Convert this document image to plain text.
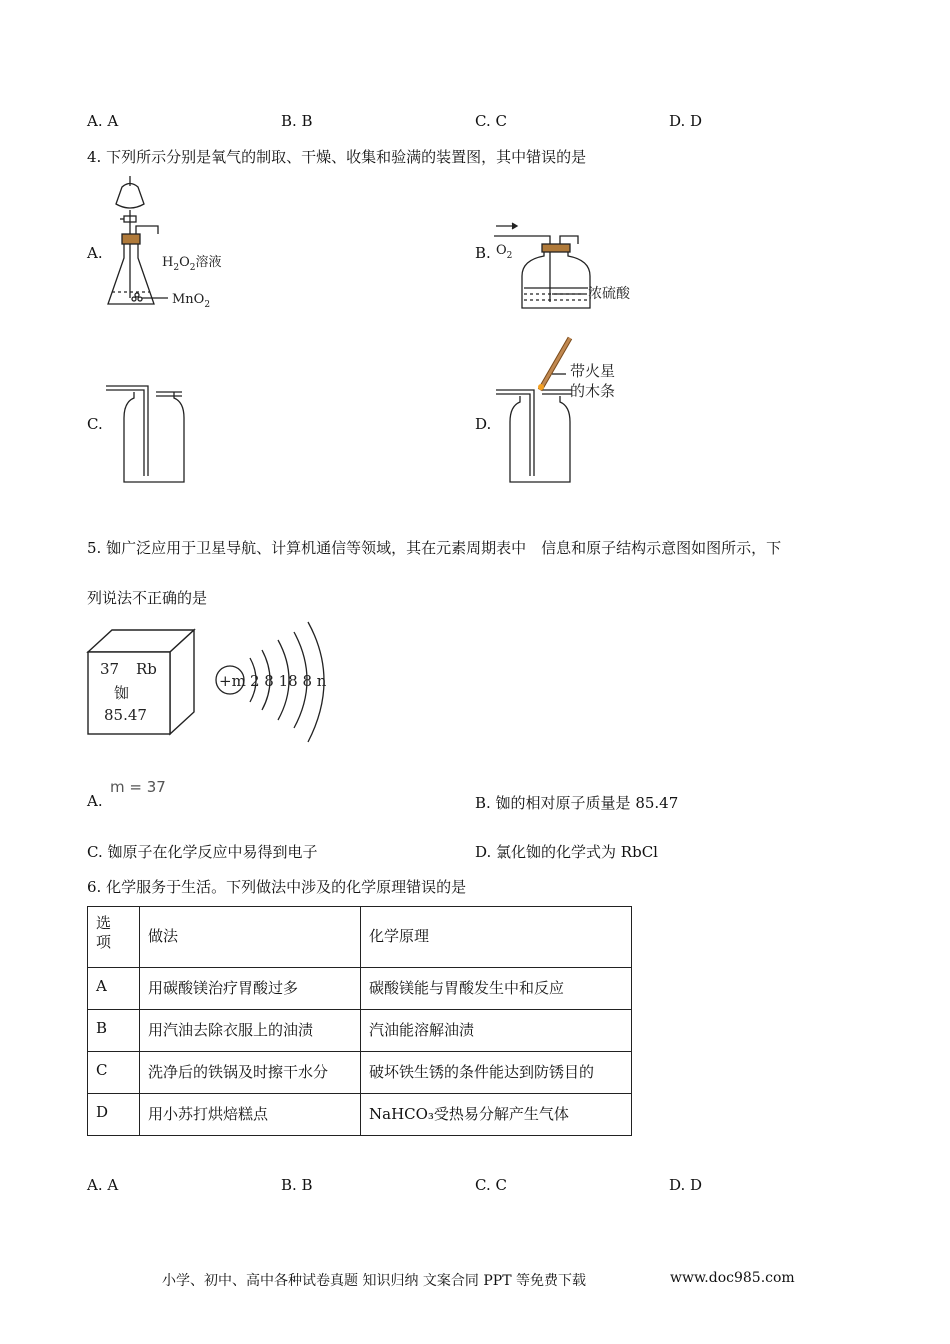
A. A	B. B	C. C	D. D
4. 下列所示分别是氧气的制取、干燥、收集和验满的装置图，其中错误的是
A.	B.
C.	D.
$H_2O_2$溶液
MnO$_2$
$O_2$
浓硫酸
带火星
的木条
5. 铷广泛应用于卫星导航、计算机通信等领域，其在元素周期表中　信息和原子结构示意图如图所示，下
列说法不正确的是
37 Rb
铷
85.47
+m 2 8 18 8 n
A.
m = 37
B. 铷的相对原子质量是 85.47
C. 铷原子在化学反应中易得到电子	D. 氯化铷的化学式为 RbCl
6. 化学服务于生活。下列做法中涉及的化学原理错误的是
选
项	做法	化学原理
A	用碳酸镁治疗胃酸过多	碳酸镁能与胃酸发生中和反应
B	用汽油去除衣服上的油渍	汽油能溶解油渍
C	洗净后的铁锅及时擦干水分	破坏铁生锈的条件能达到防锈目的
D	用小苏打烘焙糕点	NaHCO₃受热易分解产生气体
A. A	B. B	C. C	D. D
小学、初中、高中各种试卷真题 知识归纳 文案合同 PPT 等免费下载	www.doc985.com
